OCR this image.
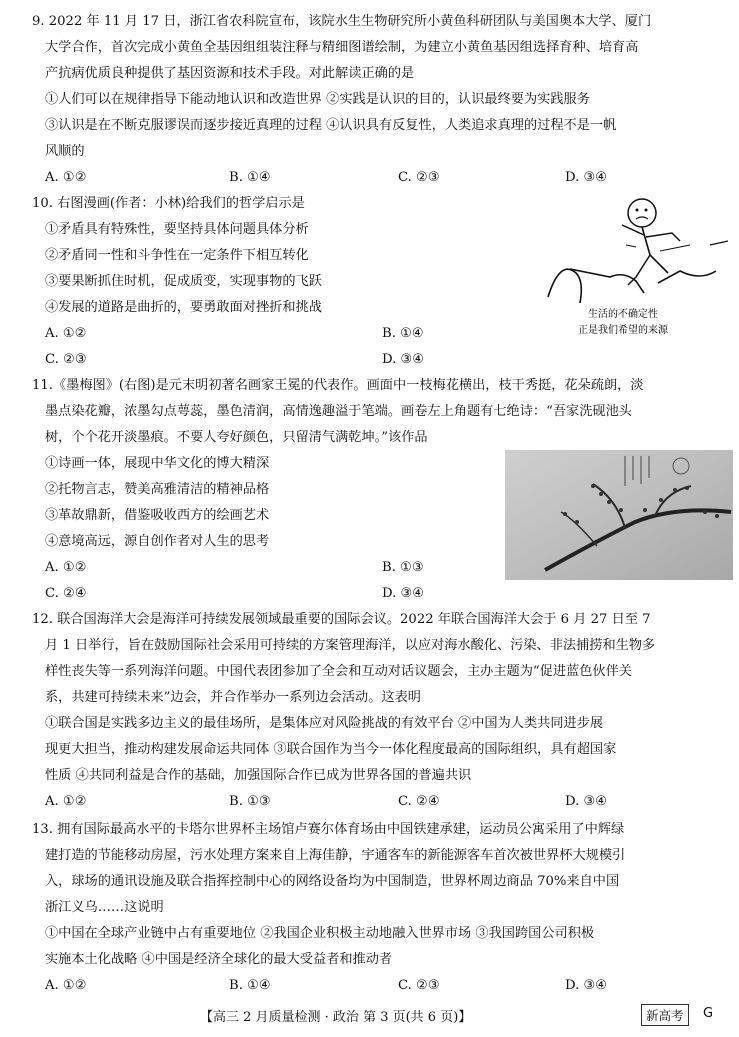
9. 2022 年 11 月 17 日，浙江省农科院宣布，该院水生生物研究所小黄鱼科研团队与美国奥本大学、厦门
大学合作，首次完成小黄鱼全基因组组装注释与精细图谱绘制，为建立小黄鱼基因组选择育种、培育高
产抗病优质良种提供了基因资源和技术手段。对此解读正确的是
①人们可以在规律指导下能动地认识和改造世界 ②实践是认识的目的，认识最终要为实践服务
③认识是在不断克服谬误而逐步接近真理的过程 ④认识具有反复性，人类追求真理的过程不是一帆
风顺的
A. ①②	B. ①④	C. ②③	D. ③④
10. 右图漫画(作者：小林)给我们的哲学启示是
①矛盾具有特殊性，要坚持具体问题具体分析
②矛盾同一性和斗争性在一定条件下相互转化
③要果断抓住时机，促成质变，实现事物的飞跃
④发展的道路是曲折的，要勇敢面对挫折和挑战
A. ①②	B. ①④
C. ②③	D. ③④
生活的不确定性
正是我们希望的来源
11.《墨梅图》(右图)是元末明初著名画家王冕的代表作。画面中一枝梅花横出，枝干秀挺，花朵疏朗，淡
墨点染花瓣，浓墨勾点萼蕊，墨色清润，高情逸趣溢于笔端。画卷左上角题有七绝诗：“吾家洗砚池头
树，个个花开淡墨痕。不要人夸好颜色，只留清气满乾坤。”该作品
①诗画一体，展现中华文化的博大精深
②托物言志，赞美高雅清洁的精神品格
③革故鼎新，借鉴吸收西方的绘画艺术
④意境高远，源自创作者对人生的思考
A. ①②	B. ①③
C. ②④	D. ③④
12. 联合国海洋大会是海洋可持续发展领域最重要的国际会议。2022 年联合国海洋大会于 6 月 27 日至 7
月 1 日举行，旨在鼓励国际社会采用可持续的方案管理海洋，以应对海水酸化、污染、非法捕捞和生物多
样性丧失等一系列海洋问题。中国代表团参加了全会和互动对话议题会，主办主题为“促进蓝色伙伴关
系，共建可持续未来”边会，并合作举办一系列边会活动。这表明
①联合国是实践多边主义的最佳场所，是集体应对风险挑战的有效平台 ②中国为人类共同进步展
现更大担当，推动构建发展命运共同体 ③联合国作为当今一体化程度最高的国际组织，具有超国家
性质 ④共同利益是合作的基础，加强国际合作已成为世界各国的普遍共识
A. ①②	B. ①③	C. ②④	D. ③④
13. 拥有国际最高水平的卡塔尔世界杯主场馆卢赛尔体育场由中国铁建承建，运动员公寓采用了中辉绿
建打造的节能移动房屋，污水处理方案来自上海佳静，宇通客车的新能源客车首次被世界杯大规模引
入，球场的通讯设施及联合指挥控制中心的网络设备均为中国制造，世界杯周边商品 70%来自中国
浙江义乌……这说明
①中国在全球产业链中占有重要地位 ②我国企业积极主动地融入世界市场 ③我国跨国公司积极
实施本土化战略 ④中国是经济全球化的最大受益者和推动者
A. ①②	B. ①④	C. ②③	D. ③④
【高三 2 月质量检测 · 政治 第 3 页(共 6 页)】	新高考	G
